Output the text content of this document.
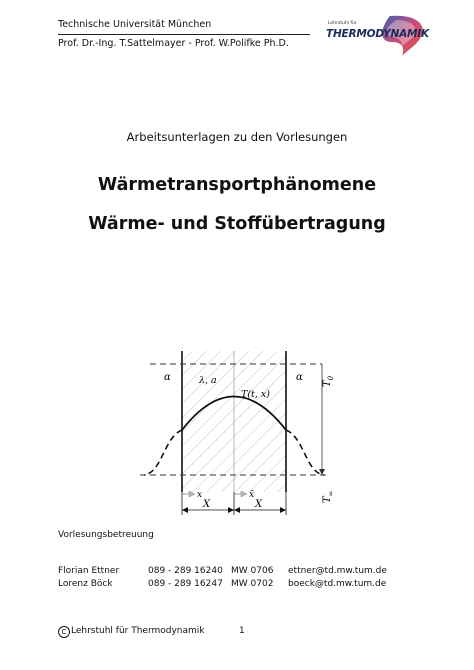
Technische Universität München
Prof. Dr.-Ing. T.Sattelmayer - Prof. W.Polifke Ph.D.
Lehrstuhl für
THERMODYNAMIK
Arbeitsunterlagen zu den Vorlesungen
Wärmetransportphänomene
Wärme- und Stoffübertragung
α	α
λ, a
T(t, x)
$T_0$
$T_\infty$
x	x̄
X	X
Vorlesungsbetreuung
Florian Ettner	089 - 289 16240 MW 0706 ettner@td.mw.tum.de
Lorenz Böck	089 - 289 16247 MW 0702 boeck@td.mw.tum.de
C Lehrstuhl für Thermodynamik	1
